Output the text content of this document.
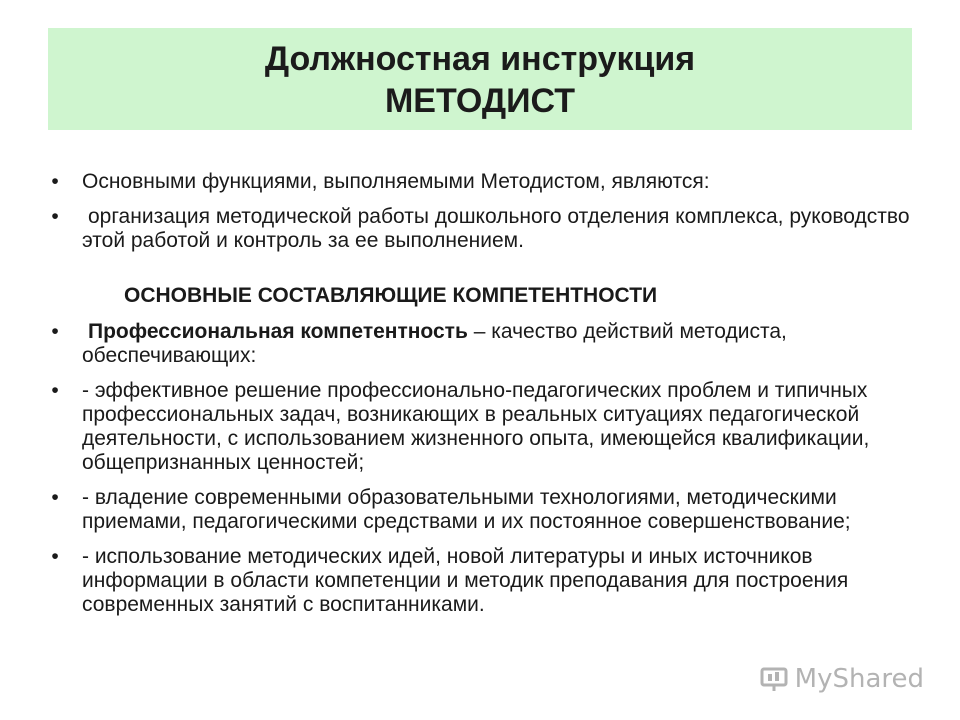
Должностная инструкция
МЕТОДИСТ
• Основными функциями, выполняемыми Методистом, являются:
• организация методической работы дошкольного отделения комплекса, руководство этой работой и контроль за ее выполнением.
ОСНОВНЫЕ СОСТАВЛЯЮЩИЕ КОМПЕТЕНТНОСТИ
• Профессиональная компетентность – качество действий методиста, обеспечивающих:
• - эффективное решение профессионально-педагогических проблем и типичных профессиональных задач, возникающих в реальных ситуациях педагогической деятельности, с использованием жизненного опыта, имеющейся квалификации, общепризнанных ценностей;
• - владение современными образовательными технологиями, методическими приемами, педагогическими средствами и их постоянное совершенствование;
• - использование методических идей, новой литературы и иных источников информации в области компетенции и методик преподавания для построения современных занятий с воспитанниками.
MyShared
